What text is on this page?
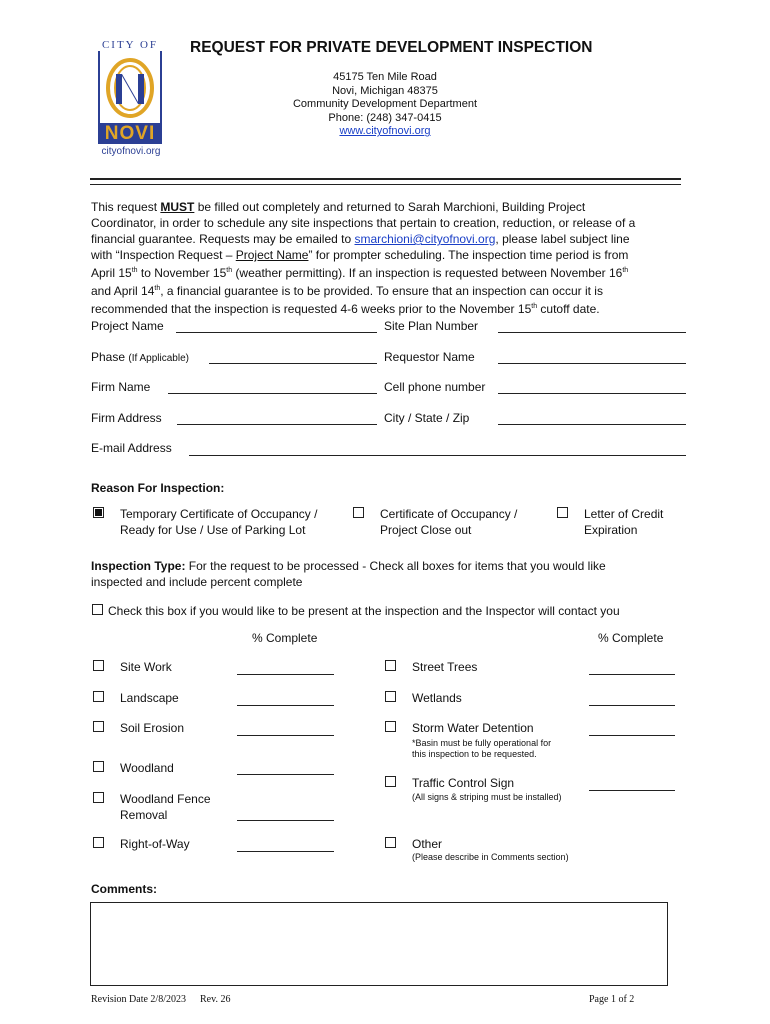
CITY OF
NOVI
cityofnovi.org
REQUEST FOR PRIVATE DEVELOPMENT INSPECTION
45175 Ten Mile Road
Novi, Michigan 48375
Community Development Department
Phone: (248) 347-0415
www.cityofnovi.org
This request MUST be filled out completely and returned to Sarah Marchioni, Building Project
Coordinator, in order to schedule any site inspections that pertain to creation, reduction, or release of a
financial guarantee. Requests may be emailed to smarchioni@cityofnovi.org, please label subject line
with “Inspection Request – Project Name” for prompter scheduling. The inspection time period is from
April 15th to November 15th (weather permitting). If an inspection is requested between November 16th
and April 14th, a financial guarantee is to be provided. To ensure that an inspection can occur it is
recommended that the inspection is requested 4-6 weeks prior to the November 15th cutoff date.
Project Name	Site Plan Number
Phase (If Applicable)	Requestor Name
Firm Name	Cell phone number
Firm Address	City / State / Zip
E-mail Address
Reason For Inspection:
Temporary Certificate of Occupancy /
Ready for Use / Use of Parking Lot
Certificate of Occupancy /
Project Close out
Letter of Credit
Expiration
Inspection Type: For the request to be processed - Check all boxes for items that you would like
inspected and include percent complete
Check this box if you would like to be present at the inspection and the Inspector will contact you
% Complete	% Complete
Site Work
Landscape
Soil Erosion
Woodland
Woodland Fence
Removal
Right-of-Way
Street Trees
Wetlands
Storm Water Detention
*Basin must be fully operational for
this inspection to be requested.
Traffic Control Sign
(All signs & striping must be installed)
Other
(Please describe in Comments section)
Comments:
Revision Date 2/8/2023 Rev. 26	Page 1 of 2
